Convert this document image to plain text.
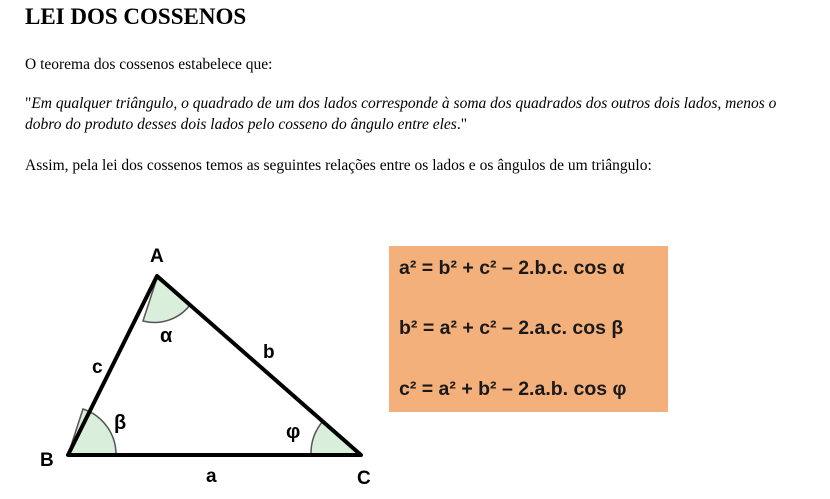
LEI DOS COSSENOS

O teorema dos cossenos estabelece que:

"Em qualquer triângulo, o quadrado de um dos lados corresponde à soma dos quadrados dos outros dois lados, menos o dobro do produto desses dois lados pelo cosseno do ângulo entre eles."

Assim, pela lei dos cossenos temos as seguintes relações entre os lados e os ângulos de um triângulo:

A
B
C
c
b
a
α
β	φ

a² = b² + c² – 2.b.c. cos α

b² = a² + c² – 2.a.c. cos β

c² = a² + b² – 2.a.b. cos φ
